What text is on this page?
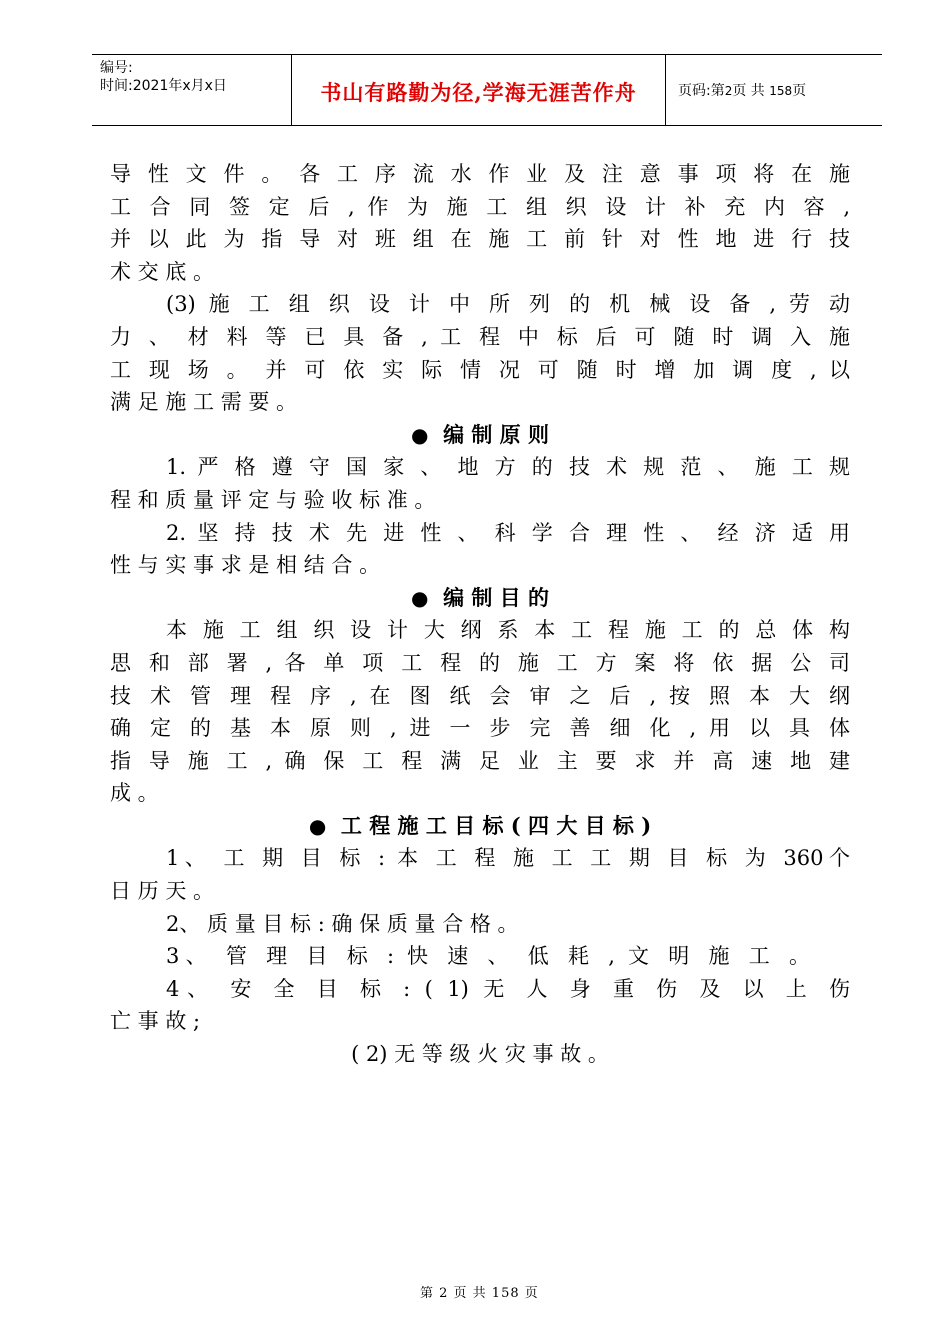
编号:
时间:2021年x月x日	书山有路勤为径,学海无涯苦作舟	页码:第2页 共 158页
导 性 文 件 。 各 工 序 流 水 作 业 及 注 意 事 项 将 在 施
工 合 同 签 定 后 , 作 为 施 工 组 织 设 计 补 充 内 容 ,
并 以 此 为 指 导 对 班 组 在 施 工 前 针 对 性 地 进 行 技
术 交 底 。
(3) 施 工 组 织 设 计 中 所 列 的 机 械 设 备 , 劳 动
力 、 材 料 等 已 具 备 , 工 程 中 标 后 可 随 时 调 入 施
工 现 场 。 并 可 依 实 际 情 况 可 随 时 增 加 调 度 , 以
满 足 施 工 需 要 。
● 编 制 原 则
1. 严 格 遵 守 国 家 、 地 方 的 技 术 规 范 、 施 工 规
程 和 质 量 评 定 与 验 收 标 准 。
2. 坚 持 技 术 先 进 性 、 科 学 合 理 性 、 经 济 适 用
性 与 实 事 求 是 相 结 合 。
● 编 制 目 的
本 施 工 组 织 设 计 大 纲 系 本 工 程 施 工 的 总 体 构
思 和 部 署 , 各 单 项 工 程 的 施 工 方 案 将 依 据 公 司
技 术 管 理 程 序 , 在 图 纸 会 审 之 后 , 按 照 本 大 纲
确 定 的 基 本 原 则 , 进 一 步 完 善 细 化 , 用 以 具 体
指 导 施 工 , 确 保 工 程 满 足 业 主 要 求 并 高 速 地 建
成 。
● 工 程 施 工 目 标 ( 四 大 目 标 )
1、 工 期 目 标 : 本 工 程 施 工 工 期 目 标 为 360个
日 历 天 。
2、 质 量 目 标 : 确 保 质 量 合 格 。
3、 管 理 目 标 : 快 速 、 低 耗 , 文 明 施 工 。
4、 安 全 目 标 : ( 1) 无 人 身 重 伤 及 以 上 伤
亡 事 故 ;
( 2) 无 等 级 火 灾 事 故 。
第 2 页 共 158 页
